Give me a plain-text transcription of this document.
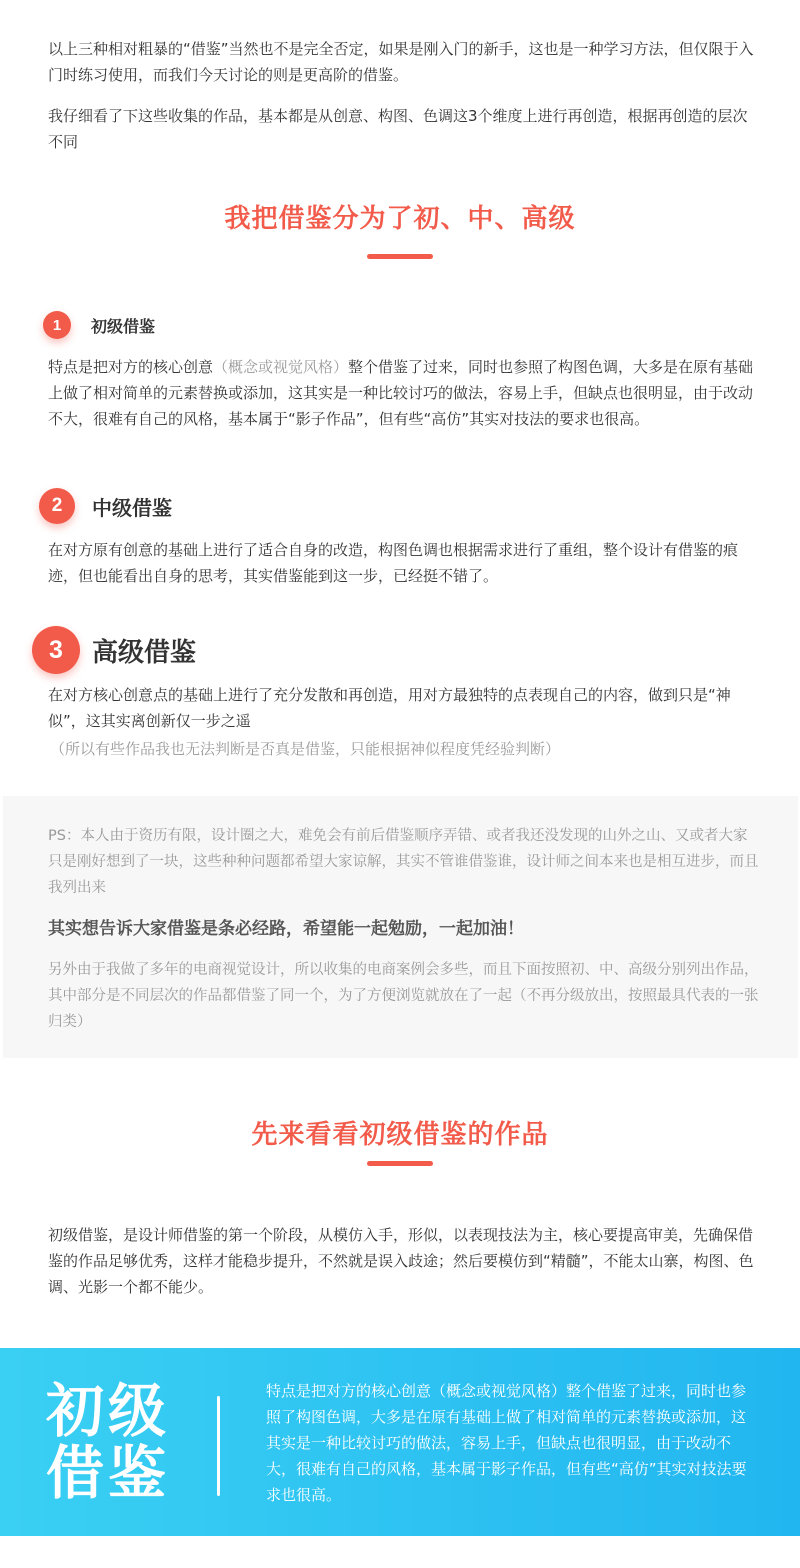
以上三种相对粗暴的“借鉴”当然也不是完全否定，如果是刚入门的新手，这也是一种学习方法，但仅限于入门时练习使用，而我们今天讨论的则是更高阶的借鉴。

我仔细看了下这些收集的作品，基本都是从创意、构图、色调这3个维度上进行再创造，根据再创造的层次不同

我把借鉴分为了初、中、高级
1	初级借鉴

特点是把对方的核心创意（概念或视觉风格）整个借鉴了过来，同时也参照了构图色调，大多是在原有基础上做了相对简单的元素替换或添加，这其实是一种比较讨巧的做法，容易上手，但缺点也很明显，由于改动不大，很难有自己的风格，基本属于“影子作品”，但有些“高仿”其实对技法的要求也很高。

2	中级借鉴

在对方原有创意的基础上进行了适合自身的改造，构图色调也根据需求进行了重组，整个设计有借鉴的痕迹，但也能看出自身的思考，其实借鉴能到这一步，已经挺不错了。

3	高级借鉴

在对方核心创意点的基础上进行了充分发散和再创造，用对方最独特的点表现自己的内容，做到只是“神似”，这其实离创新仅一步之遥

（所以有些作品我也无法判断是否真是借鉴，只能根据神似程度凭经验判断）

PS：本人由于资历有限，设计圈之大，难免会有前后借鉴顺序弄错、或者我还没发现的山外之山、又或者大家只是刚好想到了一块，这些种种问题都希望大家谅解，其实不管谁借鉴谁，设计师之间本来也是相互进步，而且我列出来

其实想告诉大家借鉴是条必经路，希望能一起勉励，一起加油！

另外由于我做了多年的电商视觉设计，所以收集的电商案例会多些，而且下面按照初、中、高级分别列出作品，其中部分是不同层次的作品都借鉴了同一个，为了方便浏览就放在了一起（不再分级放出，按照最具代表的一张归类）

先来看看初级借鉴的作品

初级借鉴，是设计师借鉴的第一个阶段，从模仿入手，形似，以表现技法为主，核心要提高审美，先确保借鉴的作品足够优秀，这样才能稳步提升，不然就是误入歧途；然后要模仿到“精髓”，不能太山寨，构图、色调、光影一个都不能少。

初级
借鉴

特点是把对方的核心创意（概念或视觉风格）整个借鉴了过来，同时也参照了构图色调，大多是在原有基础上做了相对简单的元素替换或添加，这其实是一种比较讨巧的做法，容易上手，但缺点也很明显，由于改动不大，很难有自己的风格，基本属于影子作品，但有些“高仿”其实对技法要求也很高。
